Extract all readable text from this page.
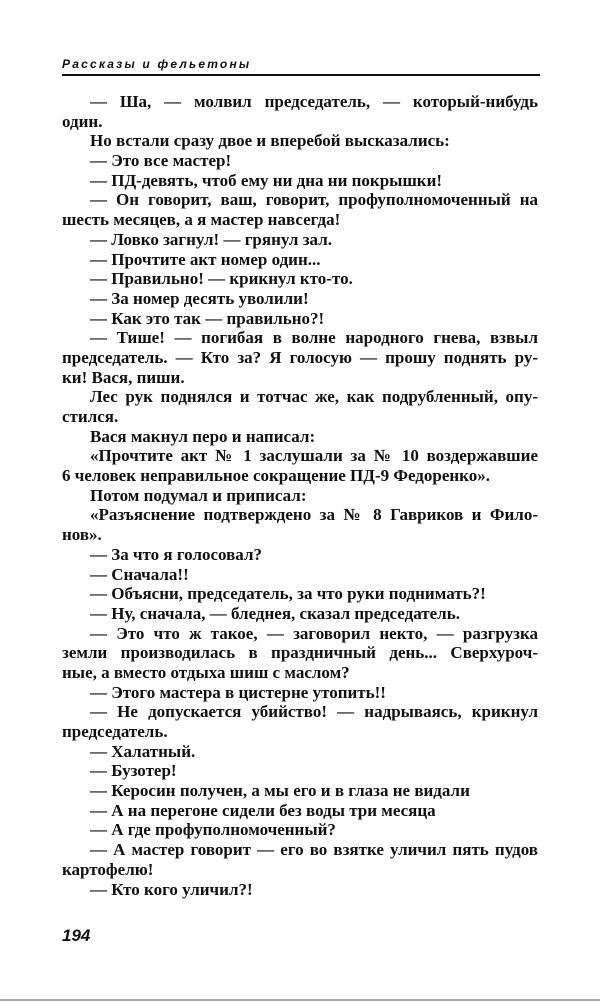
Рассказы и фельетоны
— Ша, — молвил председатель, — который-нибудь
один.
Но встали сразу двое и вперебой высказались:
— Это все мастер!
— ПД-девять, чтоб ему ни дна ни покрышки!
— Он говорит, ваш, говорит, профуполномоченный на
шесть месяцев, а я мастер навсегда!
— Ловко загнул! — грянул зал.
— Прочтите акт номер один...
— Правильно! — крикнул кто-то.
— За номер десять уволили!
— Как это так — правильно?!
— Тише! — погибая в волне народного гнева, взвыл
председатель. — Кто за? Я голосую — прошу поднять ру-
ки! Вася, пиши.
Лес рук поднялся и тотчас же, как подрубленный, опу-
стился.
Вася макнул перо и написал:
«Прочтите акт № 1 заслушали за № 10 воздержавшие
6 человек неправильное сокращение ПД-9 Федоренко».
Потом подумал и приписал:
«Разъяснение подтверждено за № 8 Гавриков и Фило-
нов».
— За что я голосовал?
— Сначала!!
— Объясни, председатель, за что руки поднимать?!
— Ну, сначала, — бледнея, сказал председатель.
— Это что ж такое, — заговорил некто, — разгрузка
земли производилась в праздничный день... Сверхуроч-
ные, а вместо отдыха шиш с маслом?
— Этого мастера в цистерне утопить!!
— Не допускается убийство! — надрываясь, крикнул
председатель.
— Халатный.
— Бузотер!
— Керосин получен, а мы его и в глаза не видали
— А на перегоне сидели без воды три месяца
— А где профуполномоченный?
— А мастер говорит — его во взятке уличил пять пудов
картофелю!
— Кто кого уличил?!
194
